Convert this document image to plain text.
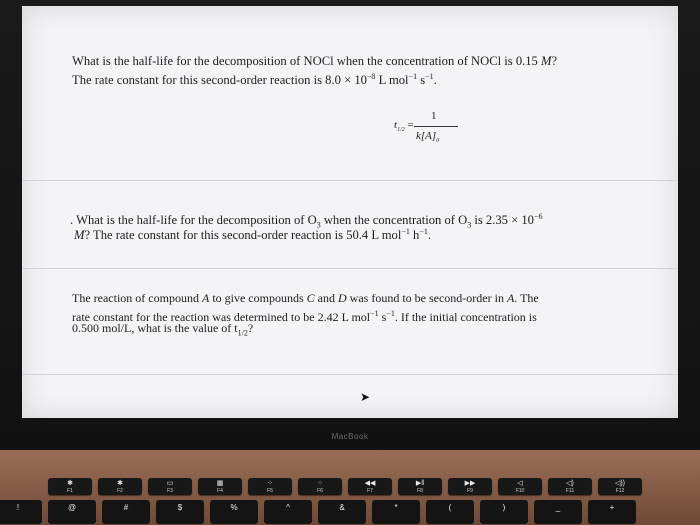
What is the half-life for the decomposition of NOCl when the concentration of NOCl is 0.15 M?
The rate constant for this second-order reaction is $8.0 \times 10^{-8}$ L mol$^{-1}$ $s^{-1}$.
$t_{1/2}$ =
1
$k[A]_0$
. What is the half-life for the decomposition of $O_3$ when the concentration of $O_3$ is $2.35 \times 10^{-6}$
M? The rate constant for this second-order reaction is 50.4 L mol$^{-1}$ $h^{-1}$.
The reaction of compound A to give compounds C and D was found to be second-order in A. The
rate constant for the reaction was determined to be 2.42 L mol$^{-1}$ $s^{-1}$. If the initial concentration is
0.500 mol/L, what is the value of $t_{1/2}$?
➤
MacBook
✱
F1
✱
F2
▭
F3
▦
F4
⁘
F5
⁘
F6
◀◀
F7
▶‖
F8
▶▶
F9
◁
F10
◁)
F11
◁))
F12
!	@	#	$	%	^	&	*	(	)	_	+
